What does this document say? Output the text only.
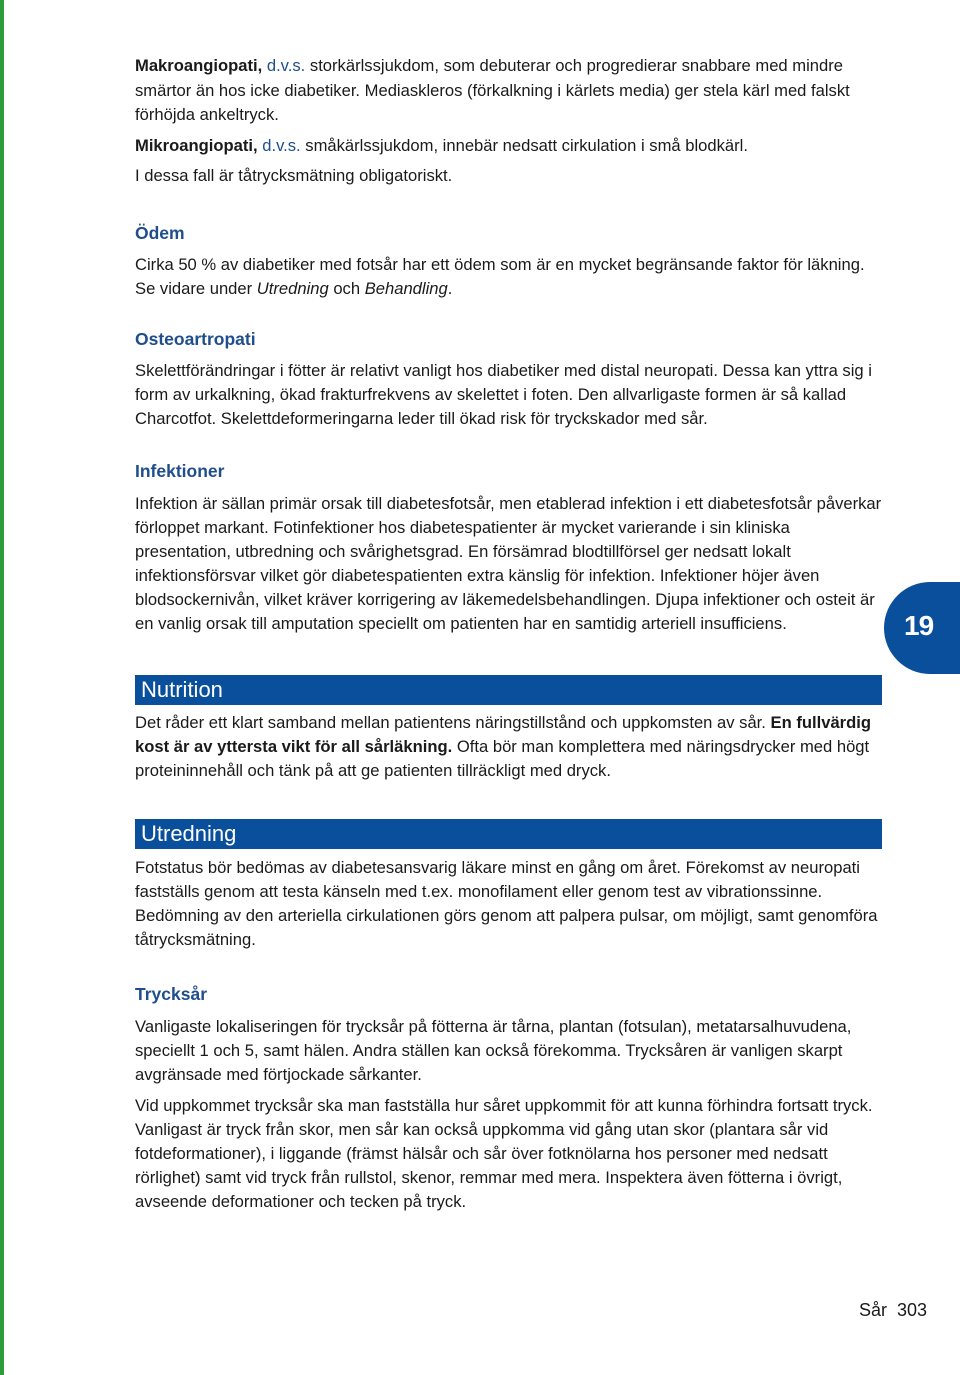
Makroangiopati, d.v.s. storkärlssjukdom, som debuterar och progredierar snabbare med mindre smärtor än hos icke diabetiker. Mediaskleros (förkalkning i kärlets media) ger stela kärl med falskt förhöjda ankeltryck.

Mikroangiopati, d.v.s. småkärlssjukdom, innebär nedsatt cirkulation i små blodkärl.

I dessa fall är tåtrycksmätning obligatoriskt.

Ödem

Cirka 50 % av diabetiker med fotsår har ett ödem som är en mycket begränsande faktor för läkning. Se vidare under Utredning och Behandling.

Osteoartropati

Skelettförändringar i fötter är relativt vanligt hos diabetiker med distal neuropati. Dessa kan yttra sig i form av urkalkning, ökad frakturfrekvens av skelettet i foten. Den allvarligaste formen är så kallad Charcotfot. Skelettdeformeringarna leder till ökad risk för tryckskador med sår.

Infektioner

Infektion är sällan primär orsak till diabetesfotsår, men etablerad infektion i ett diabetesfotsår påverkar förloppet markant. Fotinfektioner hos diabetespatienter är mycket varierande i sin kliniska presentation, utbredning och svårighetsgrad. En försämrad blodtillförsel ger nedsatt lokalt infektionsförsvar vilket gör diabetespatienten extra känslig för infektion. Infektioner höjer även blodsockernivån, vilket kräver korrigering av läkemedelsbehandlingen. Djupa infektioner och osteit är en vanlig orsak till amputation speciellt om patienten har en samtidig arteriell insufficiens.

Nutrition

Det råder ett klart samband mellan patientens näringstillstånd och uppkomsten av sår. En fullvärdig kost är av yttersta vikt för all sårläkning. Ofta bör man komplettera med näringsdrycker med högt proteininnehåll och tänk på att ge patienten tillräckligt med dryck.

Utredning

Fotstatus bör bedömas av diabetesansvarig läkare minst en gång om året. Förekomst av neuropati fastställs genom att testa känseln med t.ex. monofilament eller genom test av vibrationssinne. Bedömning av den arteriella cirkulationen görs genom att palpera pulsar, om möjligt, samt genomföra tåtrycksmätning.

Trycksår

Vanligaste lokaliseringen för trycksår på fötterna är tårna, plantan (fotsulan), metatarsalhuvudena, speciellt 1 och 5, samt hälen. Andra ställen kan också förekomma. Trycksåren är vanligen skarpt avgränsade med förtjockade sårkanter.

Vid uppkommet trycksår ska man fastställa hur såret uppkommit för att kunna förhindra fortsatt tryck. Vanligast är tryck från skor, men sår kan också uppkomma vid gång utan skor (plantara sår vid fotdeformationer), i liggande (främst hälsår och sår över fotknölarna hos personer med nedsatt rörlighet) samt vid tryck från rullstol, skenor, remmar med mera. Inspektera även fötterna i övrigt, avseende deformationer och tecken på tryck.

19
Sår 303
